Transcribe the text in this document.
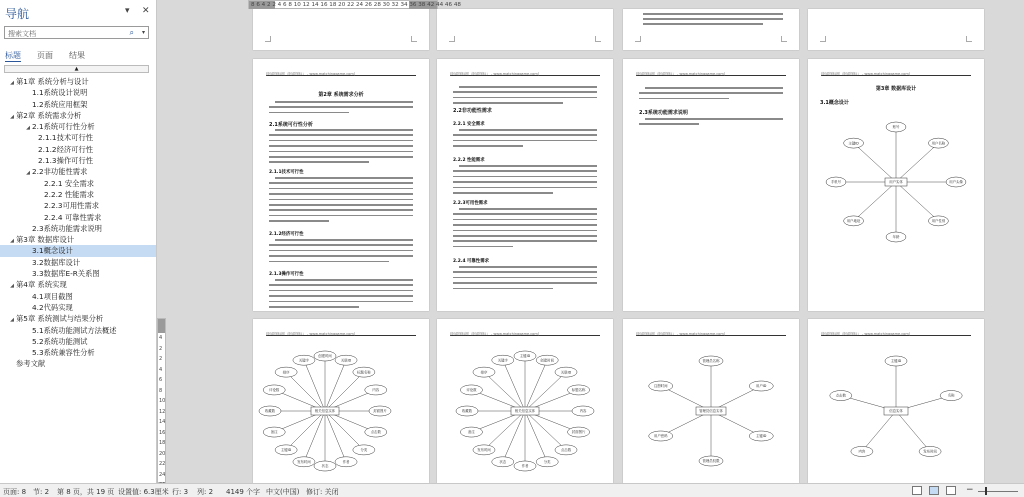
导航	▾ ✕
搜索文档	⌕ ▾
标题 页面 结果
▲
◢ 第1章 系统分析与设计
1.1系统设计说明
1.2系统应用框架
◢ 第2章 系统需求分析
◢ 2.1系统可行性分析
2.1.1技术可行性
2.1.2经济可行性
2.1.3操作可行性
◢ 2.2非功能性需求
2.2.1 安全需求
2.2.2 性能需求
2.2.3可用性需求
2.2.4 可靠性需求
2.3系统功能需求说明
◢ 第3章 数据库设计
3.1概念设计
3.2数据库设计
3.3数据库E-R关系图
◢ 第4章 系统实现
4.1项目截图
4.2代码实现
◢ 第5章 系统测试与结果分析
5.1系统功能测试方法概述
5.2系统功能测试
5.3系统兼容性分析
参考文献
8 6 4 2 2 4 6 8 10 12 14 16 18 20 22 24 26 28 30 32 34 36 38 42 44 46 48
4
2
2
4
6
8
10
12
14
16
18
20
22
24
[阿诺图标网（阿诺图标） - www.matchinggame.com]
第2章 系统需求分析
2.1系统可行性分析
2.1.1技术可行性
2.1.2经济可行性
2.1.3操作可行性
[阿诺图标网（阿诺图标） - www.matchinggame.com]
2.2非功能性需求
2.2.1 安全需求
2.2.2 性能需求
2.2.3可用性需求
2.2.4 可靠性需求
[阿诺图标网（阿诺图标） - www.matchinggame.com]
2.3系统功能需求说明
[阿诺图标网（阿诺图标） - www.matchinggame.com]
第3章 数据库设计
3.1概念设计
账号
用户名称
用户头像
用户性别
年龄
用户地址
手机号
主键ID
用户实体
[阿诺图标网（阿诺图标） - www.matchinggame.com]
创建时间
关联ID
标题名称
内容
封面图片
点击数
分类
作者
状态
发布时间
主键ID
备注
收藏数
评论数
排序
关键字
相关信息实体
[阿诺图标网（阿诺图标） - www.matchinggame.com]
主键ID
创建时间
关联ID
标题名称
内容
封面图片
点击数
分类
作者
状态
发布时间
备注
收藏数
评论数
排序
关键字
相关信息实体
[阿诺图标网（阿诺图标） - www.matchinggame.com]
管理员名称
用户ID
主键ID
管理员权限
用户密码
注册时间
管理员信息实体
[阿诺图标网（阿诺图标） - www.matchinggame.com]
主键ID
名称
发布时间
内容
点击数
信息实体
页面: 8 节: 2 第 8 页，共 19 页 设置值: 6.3厘米 行: 3 列: 2 4149 个字 中文(中国) 修订: 关闭	−
